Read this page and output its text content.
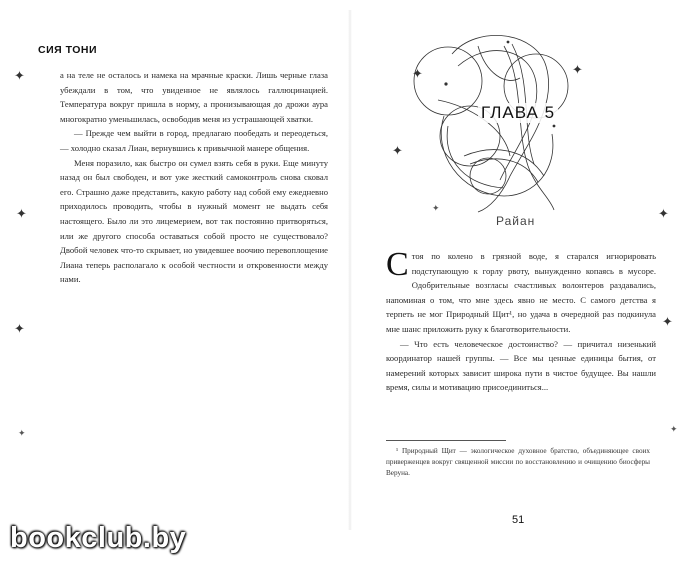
СИЯ ТОНИ
✦
✦
✦
✦

а на теле не осталось и намека на мрачные краски. Лишь черные глаза убеждали в том, что увиденное не являлось галлюцинацией. Температура вокруг пришла в норму, а пронизывающая до дрожи аура многократно уменьшилась, освободив меня из устрашающей хватки.

— Прежде чем выйти в город, предлагаю пообедать и переодеться, — холодно сказал Лиан, вернувшись к привычной манере общения.

Меня поразило, как быстро он сумел взять себя в руки. Еще минуту назад он был свободен, и вот уже жесткий самоконтроль снова сковал его. Страшно даже представить, какую работу над собой ему ежедневно приходилось проводить, чтобы в нужный момент не выдать себя настоящего. Было ли это лицемерием, вот так постоянно притворяться, или же другого способа оставаться собой просто не существовало? Двобой человек что-то скрывает, но увидевшее воочию перевоплощение Лиана теперь располагало к особой честности и откровенности между нами.

ГЛАВА 5
Райан
✦
✦
✦
✦
✦
✦
✦

Стоя по колено в грязной воде, я старался игнорировать подступающую к горлу рвоту, вынужденно копаясь в мусоре. Одобрительные возгласы счастливых волонтеров раздавались, напоминая о том, что мне здесь явно не место. С самого детства я терпеть не мог Природный Щит¹, но удача в очередной раз подкинула мне шанс приложить руку к благотворительности.

— Что есть человеческое достоинство? — причитал низенький координатор нашей группы. — Все мы ценные единицы бытия, от намерений которых зависит широка пути в чистое будущее. Вы нашли время, силы и мотивацию присоединиться...

¹ Природный Щит — экологическое духовное братство, объединяющее своих приверженцев вокруг священной миссии по восстановлению и очищению биосферы Веруна.

51
bookclub.by
